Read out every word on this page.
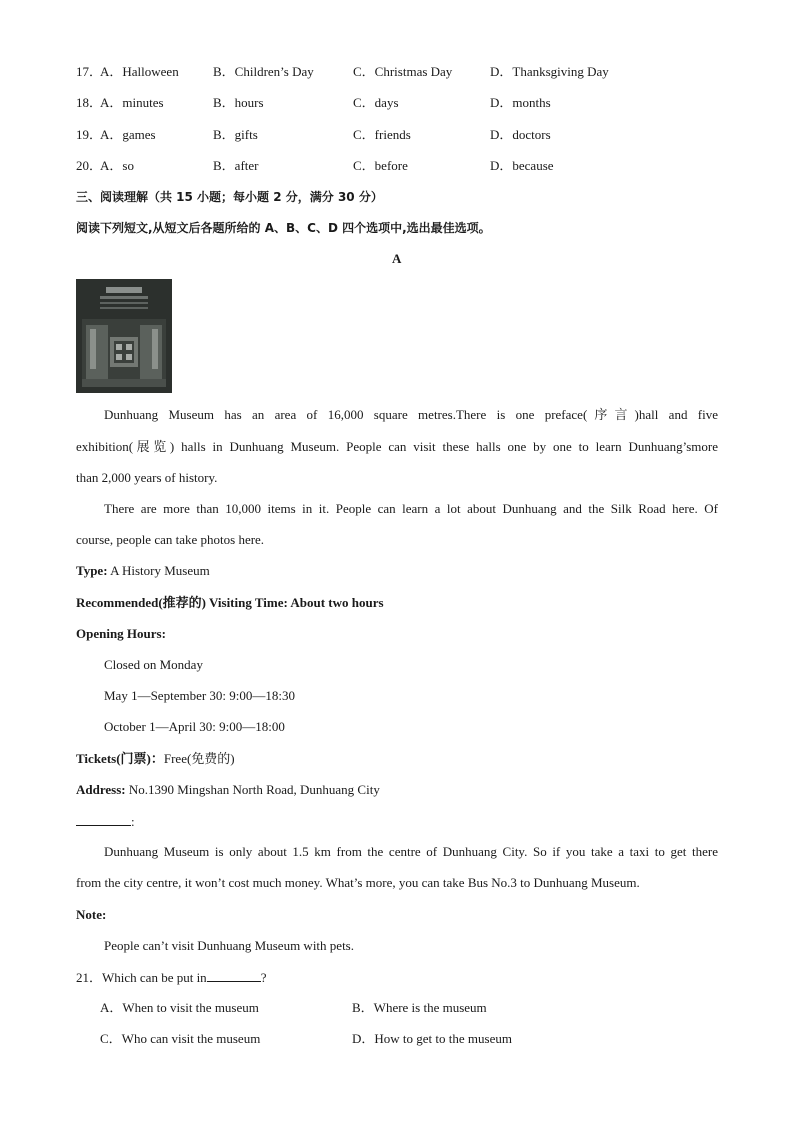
17．
A．Halloween	B．Children’s Day	C．Christmas Day	D．Thanksgiving Day
18．
A．minutes	B．hours	C．days	D．months
19．
A．games	B．gifts	C．friends	D．doctors
20．
A．so	B．after	C．before	D．because
三、阅读理解（共 15 小题；每小题 2 分，满分 30 分）
阅读下列短文,从短文后各题所给的 A、B、C、D 四个选项中,选出最佳选项。
A
Dunhuang Museum has an area of 16,000 square metres.There is one preface(序言)hall and five
exhibition(展览) halls in Dunhuang Museum. People can visit these halls one by one to learn Dunhuang’smore
than 2,000 years of history.
There are more than 10,000 items in it. People can learn a lot about Dunhuang and the Silk Road here. Of
course, people can take photos here.
Type: A History Museum
Recommended(推荐的) Visiting Time: About two hours
Opening Hours:
Closed on Monday
May 1—September 30: 9:00—18:30
October 1—April 30: 9:00—18:00
Tickets(门票)：Free(免费的)
Address: No.1390 Mingshan North Road, Dunhuang City
:
Dunhuang Museum is only about 1.5 km from the centre of Dunhuang City. So if you take a taxi to get there
from the city centre, it won’t cost much money. What’s more, you can take Bus No.3 to Dunhuang Museum.
Note:
People can’t visit Dunhuang Museum with pets.
21．Which can be put in	?
A．When to visit the museum	B．Where is the museum
C．Who can visit the museum	D．How to get to the museum
